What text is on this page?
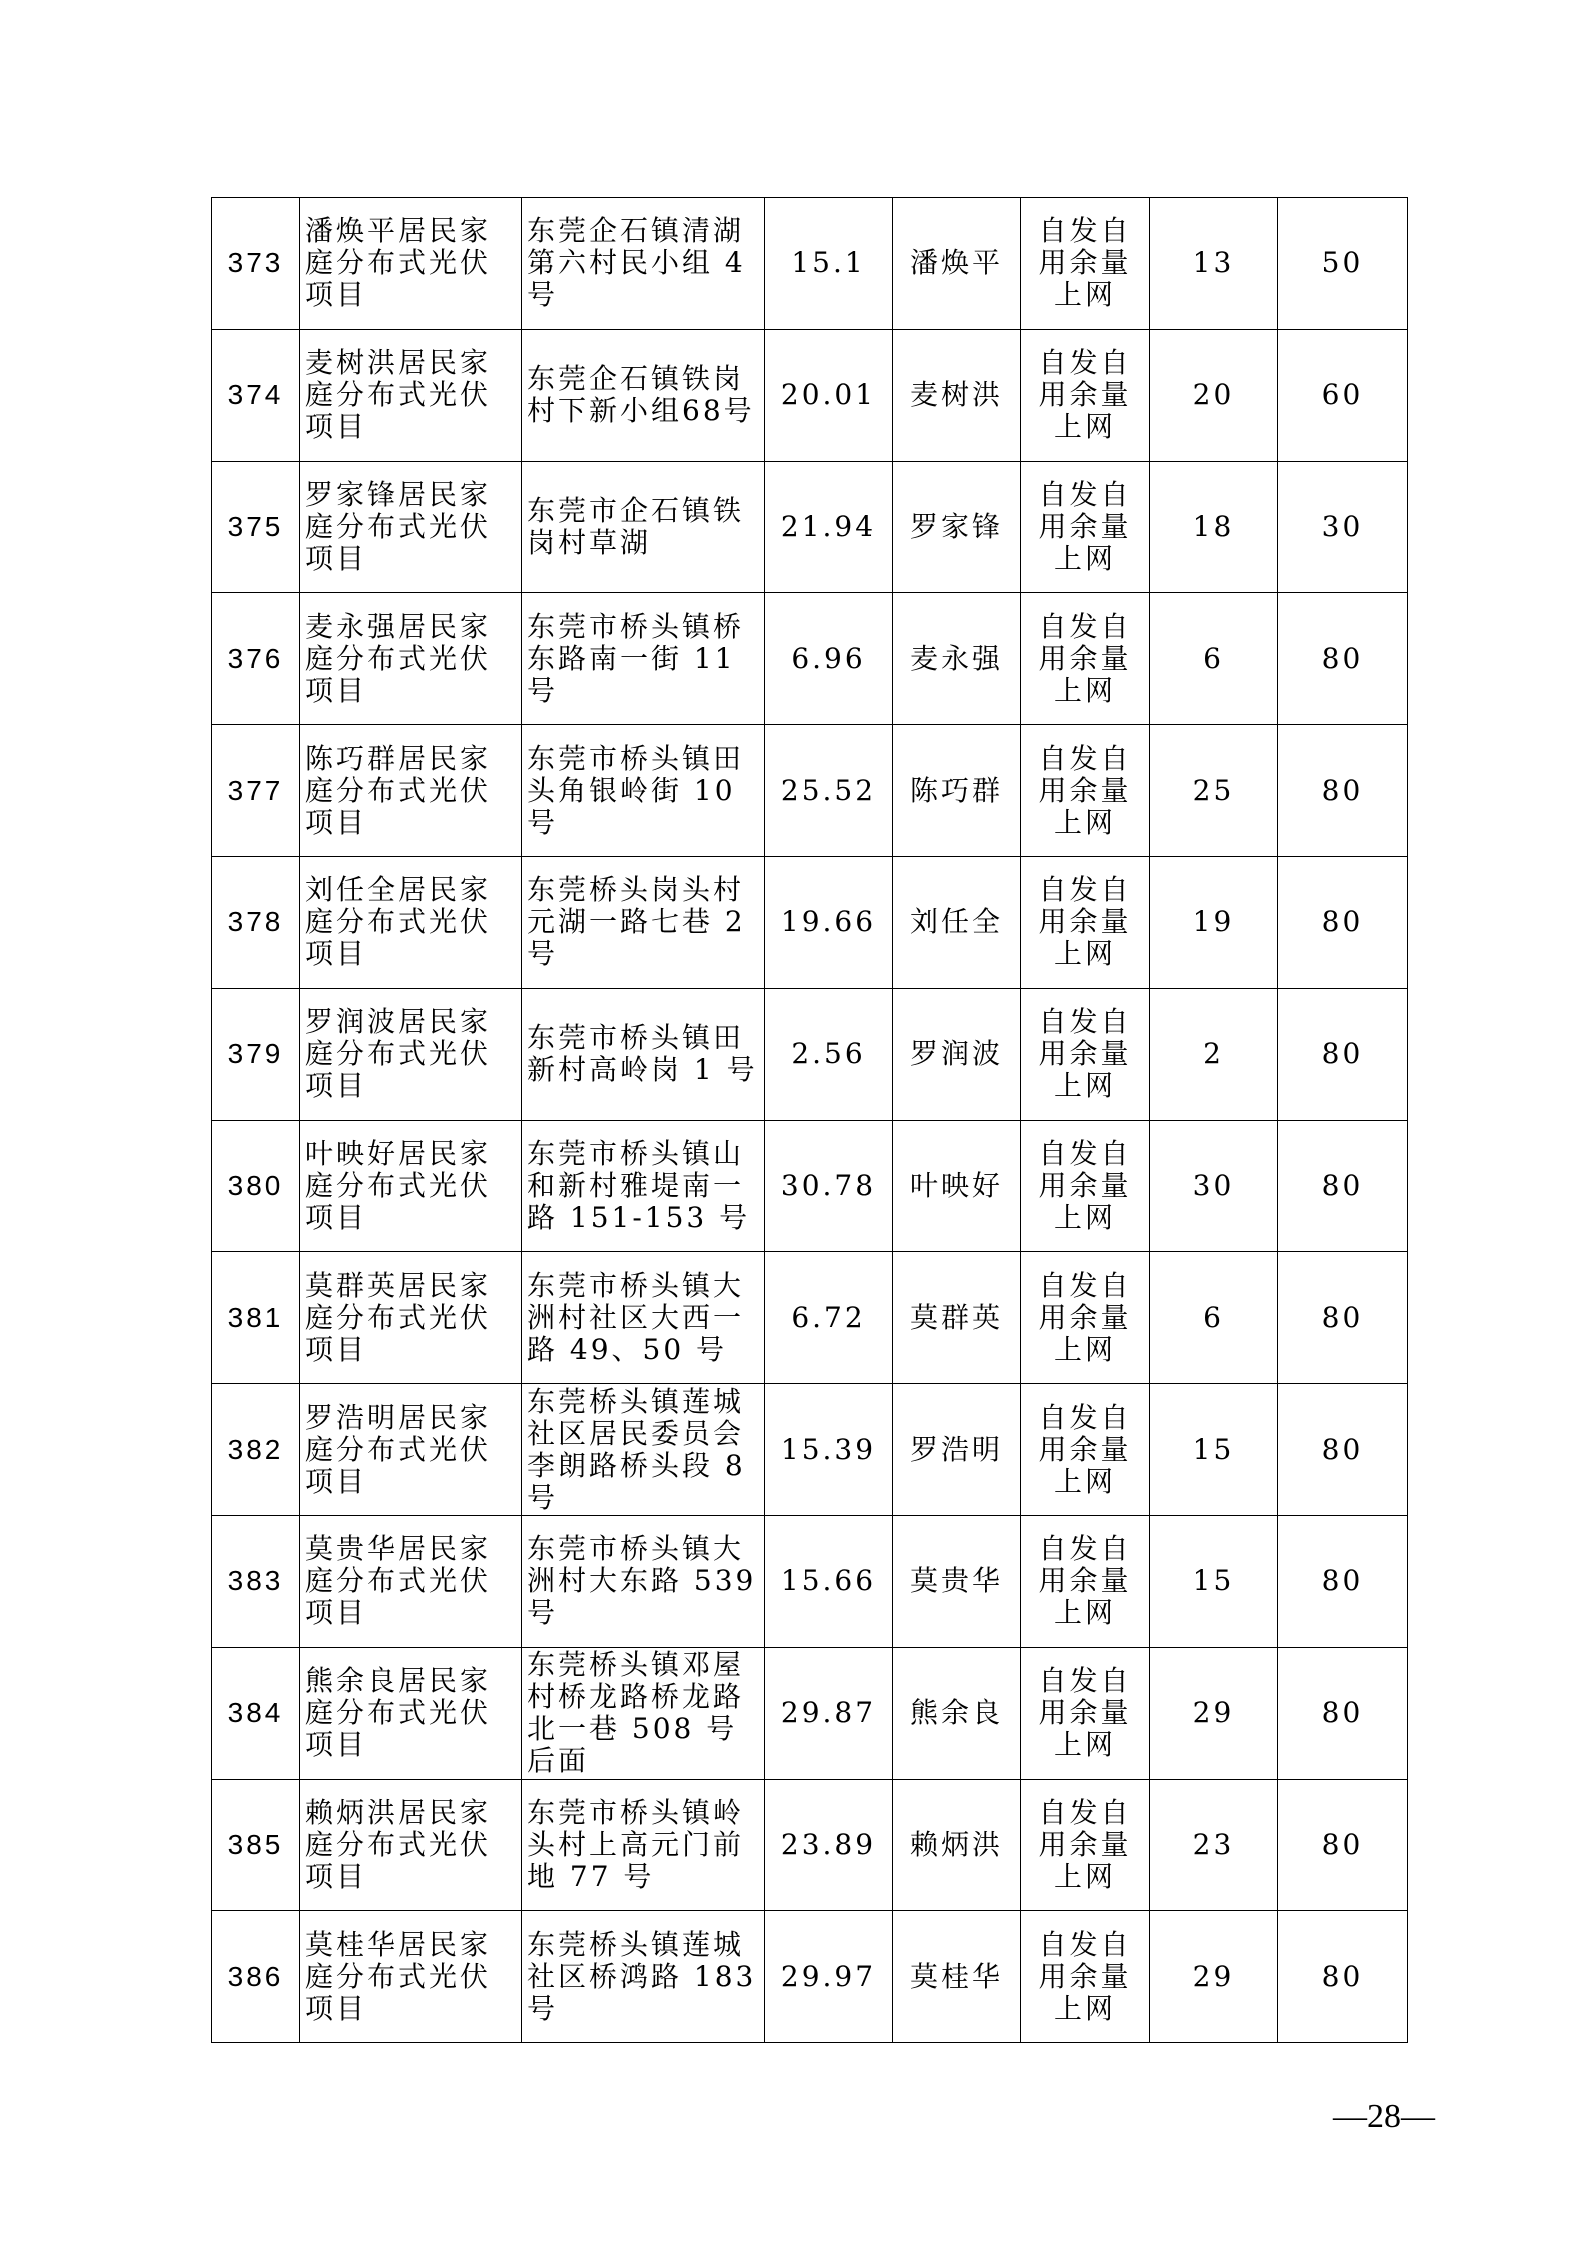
373	潘焕平居民家庭分布式光伏项目	东莞企石镇清湖第六村民小组 4 号	15.1	潘焕平	自发自用余量上网	13	50
374	麦树洪居民家庭分布式光伏项目	东莞企石镇铁岗村下新小组68号	20.01	麦树洪	自发自用余量上网	20	60
375	罗家锋居民家庭分布式光伏项目	东莞市企石镇铁岗村草湖	21.94	罗家锋	自发自用余量上网	18	30
376	麦永强居民家庭分布式光伏项目	东莞市桥头镇桥东路南一街 11 号	6.96	麦永强	自发自用余量上网	6	80
377	陈巧群居民家庭分布式光伏项目	东莞市桥头镇田头角银岭街 10 号	25.52	陈巧群	自发自用余量上网	25	80
378	刘任全居民家庭分布式光伏项目	东莞桥头岗头村元湖一路七巷 2 号	19.66	刘任全	自发自用余量上网	19	80
379	罗润波居民家庭分布式光伏项目	东莞市桥头镇田新村高岭岗 1 号	2.56	罗润波	自发自用余量上网	2	80
380	叶映好居民家庭分布式光伏项目	东莞市桥头镇山和新村雅堤南一路 151-153 号	30.78	叶映好	自发自用余量上网	30	80
381	莫群英居民家庭分布式光伏项目	东莞市桥头镇大洲村社区大西一路 49、50 号	6.72	莫群英	自发自用余量上网	6	80
382	罗浩明居民家庭分布式光伏项目	东莞桥头镇莲城社区居民委员会李朗路桥头段 8 号	15.39	罗浩明	自发自用余量上网	15	80
383	莫贵华居民家庭分布式光伏项目	东莞市桥头镇大洲村大东路 539 号	15.66	莫贵华	自发自用余量上网	15	80
384	熊余良居民家庭分布式光伏项目	东莞桥头镇邓屋村桥龙路桥龙路北一巷 508 号后面	29.87	熊余良	自发自用余量上网	29	80
385	赖炳洪居民家庭分布式光伏项目	东莞市桥头镇岭头村上高元门前地 77 号	23.89	赖炳洪	自发自用余量上网	23	80
386	莫桂华居民家庭分布式光伏项目	东莞桥头镇莲城社区桥鸿路 183 号	29.97	莫桂华	自发自用余量上网	29	80
—28—
